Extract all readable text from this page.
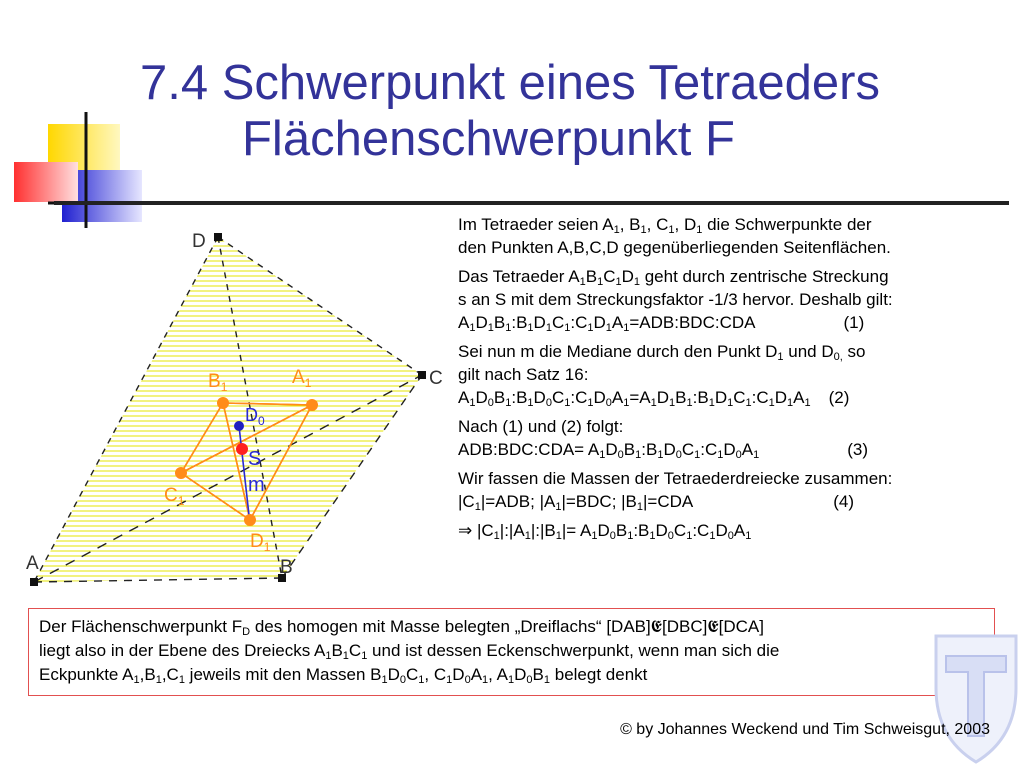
7.4 Schwerpunkt eines Tetraeders
Flächenschwerpunkt F
D
C
A	B
$A_1$
$B_1$
$C_1$
$D_1$
$D_0$
S
m

Im Tetraeder seien $A_1$, $B_1$, $C_1$, $D_1$ die Schwerpunkte der
den Punkten A,B,C,D gegenüberliegenden Seitenflächen.

Das Tetraeder $A_1B_1C_1D_1$ geht durch zentrische Streckung
s an S mit dem Streckungsfaktor -1/3 hervor. Deshalb gilt:
$A_1D_1B_1:B_1D_1C_1:C_1D_1A_1=ADB:BDC:CDA$	(1)

Sei nun m die Mediane durch den Punkt $D_1$ und $D_{0,}$ so
gilt nach Satz 16:
$A_1D_0B_1:B_1D_0C_1:C_1D_0A_1=A_1D_1B_1:B_1D_1C_1:C_1D_1A_1$ (2)

Nach (1) und (2) folgt:
ADB:BDC:CDA= $A_1D_0B_1:B_1D_0C_1:C_1D_0A_1$	(3)

Wir fassen die Massen der Tetraederdreiecke zusammen:
$|C_1|=ADB$; $|A_1|=BDC$; $|B_1|=CDA$	(4)

⇒ $|C_1|:|A_1|:|B_1|=$ $A_1D_0B_1:B_1D_0C_1:C_1D_0A_1$

Der Flächenschwerpunkt $F_D$ des homogen mit Masse belegten „Dreiflachs“ [DAB]𝕰[DBC]𝕰[DCA]
liegt also in der Ebene des Dreiecks $A_1B_1C_1$ und ist dessen Eckenschwerpunkt, wenn man sich die
Eckpunkte $A_1,B_1,C_1$ jeweils mit den Massen $B_1D_0C_1$, $C_1D_0A_1$, $A_1D_0B_1$ belegt denkt
© by Johannes Weckend und Tim Schweisgut, 2003
